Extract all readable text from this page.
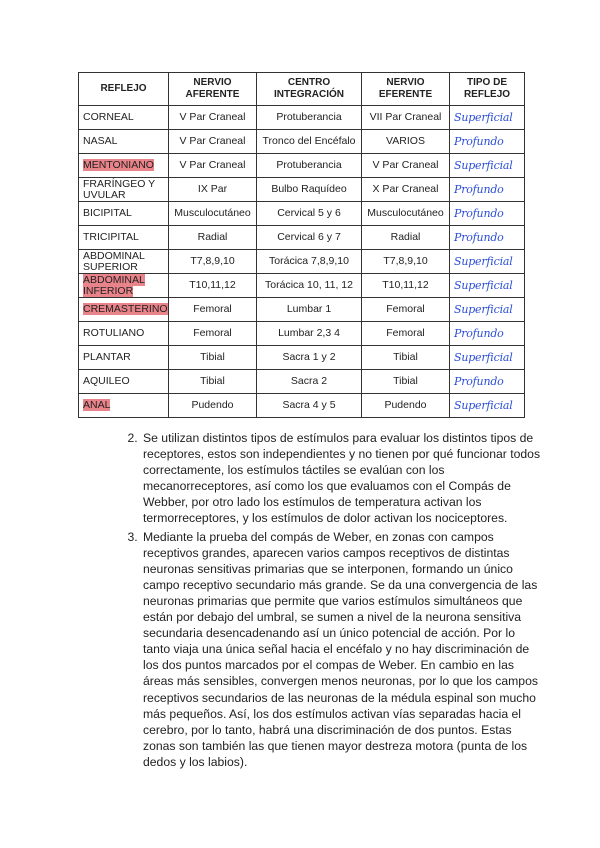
REFLEJO	NERVIO AFERENTE	CENTRO INTEGRACIÓN	NERVIO EFERENTE	TIPO DE REFLEJO
CORNEAL	V Par Craneal	Protuberancia	VII Par Craneal	Superficial
NASAL	V Par Craneal	Tronco del Encéfalo	VARIOS	Profundo
MENTONIANO	V Par Craneal	Protuberancia	V Par Craneal	Superficial
FRARÍNGEO Y UVULAR	IX Par	Bulbo Raquídeo	X Par Craneal	Profundo
BICIPITAL	Musculocutáneo	Cervical 5 y 6	Musculocutáneo	Profundo
TRICIPITAL	Radial	Cervical 6 y 7	Radial	Profundo
ABDOMINAL SUPERIOR	T7,8,9,10	Torácica 7,8,9,10	T7,8,9,10	Superficial
ABDOMINAL INFERIOR	T10,11,12	Torácica 10, 11, 12	T10,11,12	Superficial
CREMASTERINO	Femoral	Lumbar 1	Femoral	Superficial
ROTULIANO	Femoral	Lumbar 2,3 4	Femoral	Profundo
PLANTAR	Tibial	Sacra 1 y 2	Tibial	Superficial
AQUILEO	Tibial	Sacra 2	Tibial	Profundo
ANAL	Pudendo	Sacra 4 y 5	Pudendo	Superficial
2. Se utilizan distintos tipos de estímulos para evaluar los distintos tipos de receptores, estos son independientes y no tienen por qué funcionar todos correctamente, los estímulos táctiles se evalúan con los mecanorreceptores, así como los que evaluamos con el Compás de Webber, por otro lado los estímulos de temperatura activan los termorreceptores, y los estímulos de dolor activan los nociceptores.
3. Mediante la prueba del compás de Weber, en zonas con campos receptivos grandes, aparecen varios campos receptivos de distintas neuronas sensitivas primarias que se interponen, formando un único campo receptivo secundario más grande. Se da una convergencia de las neuronas primarias que permite que varios estímulos simultáneos que están por debajo del umbral, se sumen a nivel de la neurona sensitiva secundaria desencadenando así un único potencial de acción. Por lo tanto viaja una única señal hacia el encéfalo y no hay discriminación de los dos puntos marcados por el compas de Weber. En cambio en las áreas más sensibles, convergen menos neuronas, por lo que los campos receptivos secundarios de las neuronas de la médula espinal son mucho más pequeños. Así, los dos estímulos activan vías separadas hacia el cerebro, por lo tanto, habrá una discriminación de dos puntos. Estas zonas son también las que tienen mayor destreza motora (punta de los dedos y los labios).
